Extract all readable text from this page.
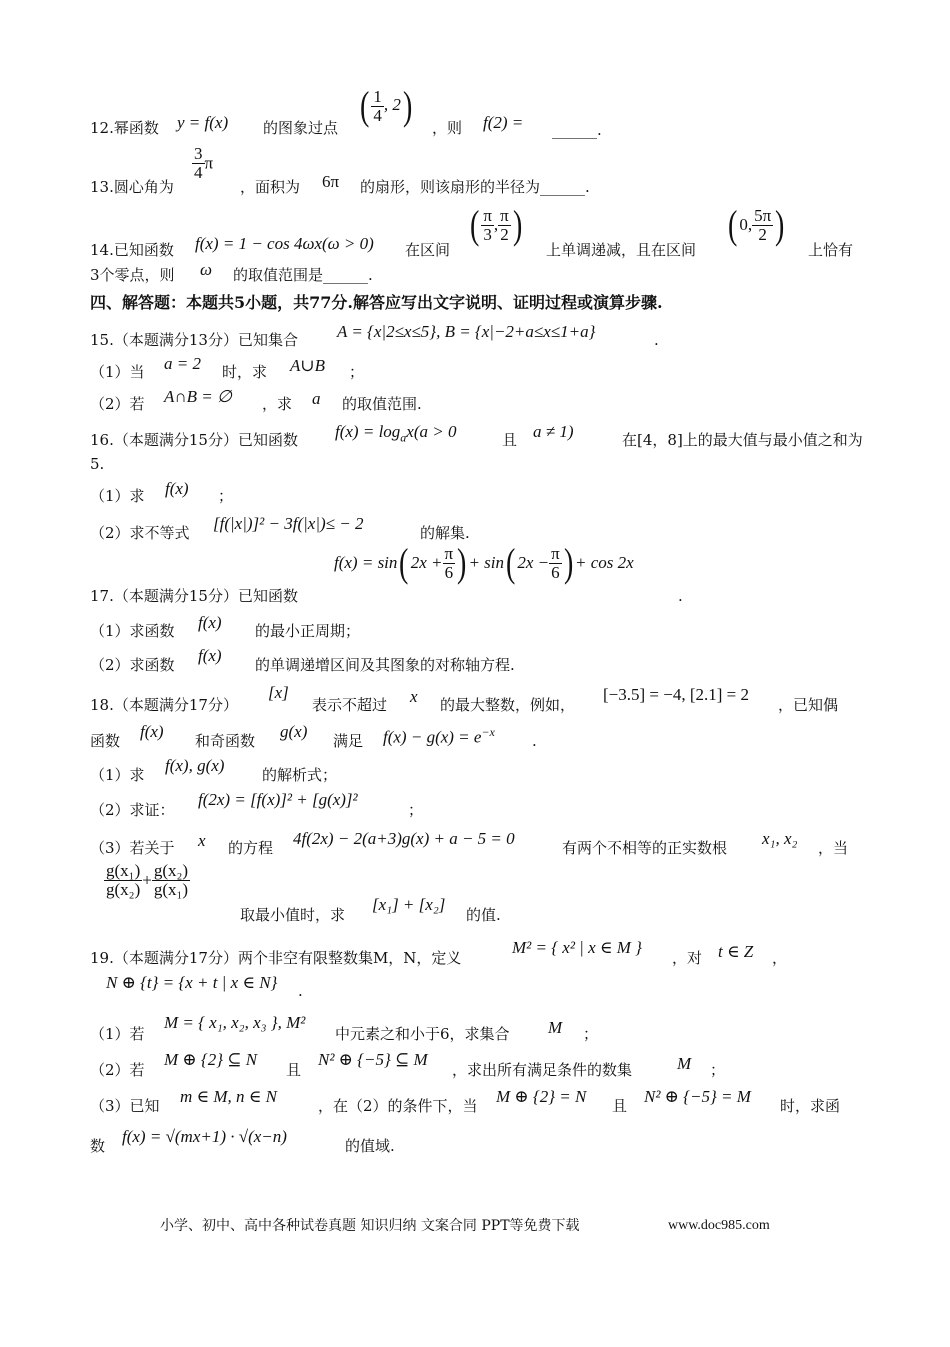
12.幂函数 y = f(x) 的图象过点 ( $\frac{1}{4}$ , 2) ，则 f(2) = ______.
13.圆心角为
$\frac{3}{4}$ π
，面积为 6π 的扇形，则该扇形的半径为______.
14.已知函数 f(x) = 1 − cos 4ωx(ω > 0) 在区间
( $\frac{\pi}{3}$ , $\frac{\pi}{2}$ )
上单调递减，且在区间
( 0, $\frac{5\pi}{2}$ )
上恰有
3个零点，则 ω 的取值范围是______.
四、解答题：本题共5小题，共77分.解答应写出文字说明、证明过程或演算步骤.
15.（本题满分13分）已知集合 A = {x|2≤x≤5}, B = {x|−2+a≤x≤1+a}	.
（1）当 a = 2 时，求 A∪B ；
（2）若 A∩B = ∅ ，求 a 的取值范围.
16.（本题满分15分）已知函数 $f(x) = \log_ax(a > 0$	且 a ≠ 1)	在[4，8]上的最大值与最小值之和为
5.
（1）求 f(x) ；
（2）求不等式 [f(|x|)]² − 3f(|x|)≤ − 2	的解集.
f(x) = sin( $2x + \frac{\pi}{6}$ ) + sin( $2x - \frac{\pi}{6}$ ) + cos 2x
17.（本题满分15分）已知函数	.
（1）求函数 f(x) 的最小正周期；
（2）求函数 f(x) 的单调递增区间及其图象的对称轴方程.
18.（本题满分17分）
[x]
表示不超过 x 的最大整数，例如，
[−3.5] = −4, [2.1] = 2
，已知偶
函数 f(x) 和奇函数 g(x) 满足 $f(x) - g(x) = e^{-x}$ .
（1）求 f(x), g(x)	的解析式；
（2）求证：
f(2x) = [f(x)]² + [g(x)]²
；
（3）若关于 x 的方程 4f(2x) − 2(a+3)g(x) + a − 5 = 0	有两个不相等的正实数根 x₁, x₂ ，当
$\frac{\text{g(x₁)}}{\text{g(x₂)}} + \frac{\text{g(x₂)}}{\text{g(x₁)}}$
取最小值时，求
[x₁] + [x₂]
的值.
19.（本题满分17分）两个非空有限整数集M，N，定义
M² = { x² | x ∈ M }
，对 t ∈ Z ，
N ⊕ {t} = {x + t | x ∈ N} .
（1）若
M = { x₁, x₂, x₃ }, M²
中元素之和小于6，求集合 M ；
（2）若
M ⊕ {2} ⊆ N
且
N² ⊕ {−5} ⊆ M
，求出所有满足条件的数集	M ；
（3）已知 m ∈ M, n ∈ N	，在（2）的条件下，当 M ⊕ {2} = N 且 N² ⊕ {−5} = M 时，求函
数 f(x) = √(mx+1) · √(x−n)	的值域.
小学、初中、高中各种试卷真题 知识归纳 文案合同 PPT等免费下载	www.doc985.com
